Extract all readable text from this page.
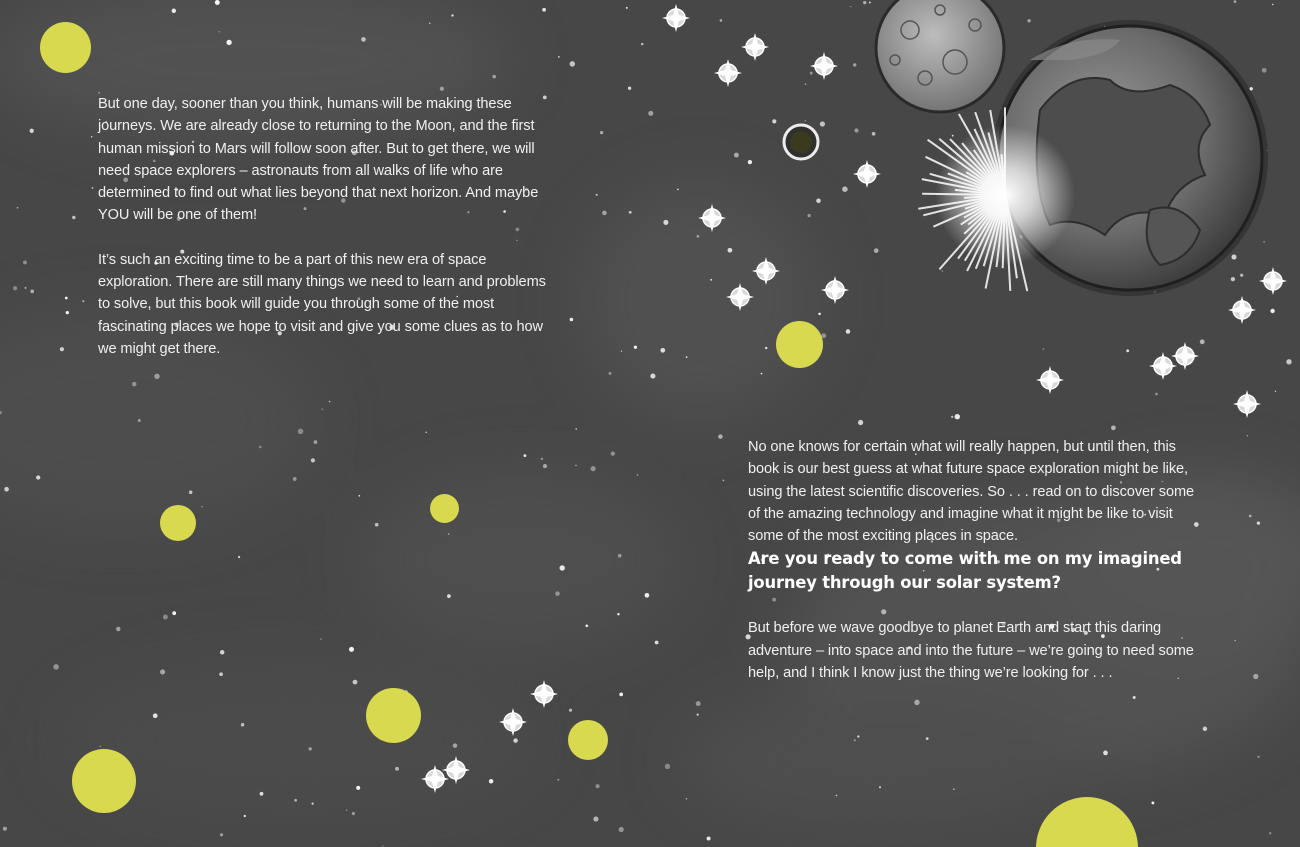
But one day, sooner than you think, humans will be making these journeys. We are already close to returning to the Moon, and the first human mission to Mars will follow soon after. But to get there, we will need space explorers – astronauts from all walks of life who are determined to find out what lies beyond that next horizon. And maybe YOU will be one of them!

It’s such an exciting time to be a part of this new era of space exploration. There are still many things we need to learn and problems to solve, but this book will guide you through some of the most fascinating places we hope to visit and give you some clues as to how we might get there.

No one knows for certain what will really happen, but until then, this book is our best guess at what future space exploration might be like, using the latest scientific discoveries. So . . . read on to discover some of the amazing technology and imagine what it might be like to visit some of the most exciting places in space.

Are you ready to come with me on my imagined journey through our solar system?

But before we wave goodbye to planet Earth and start this daring adventure – into space and into the future – we’re going to need some help, and I think I know just the thing we’re looking for . . .
